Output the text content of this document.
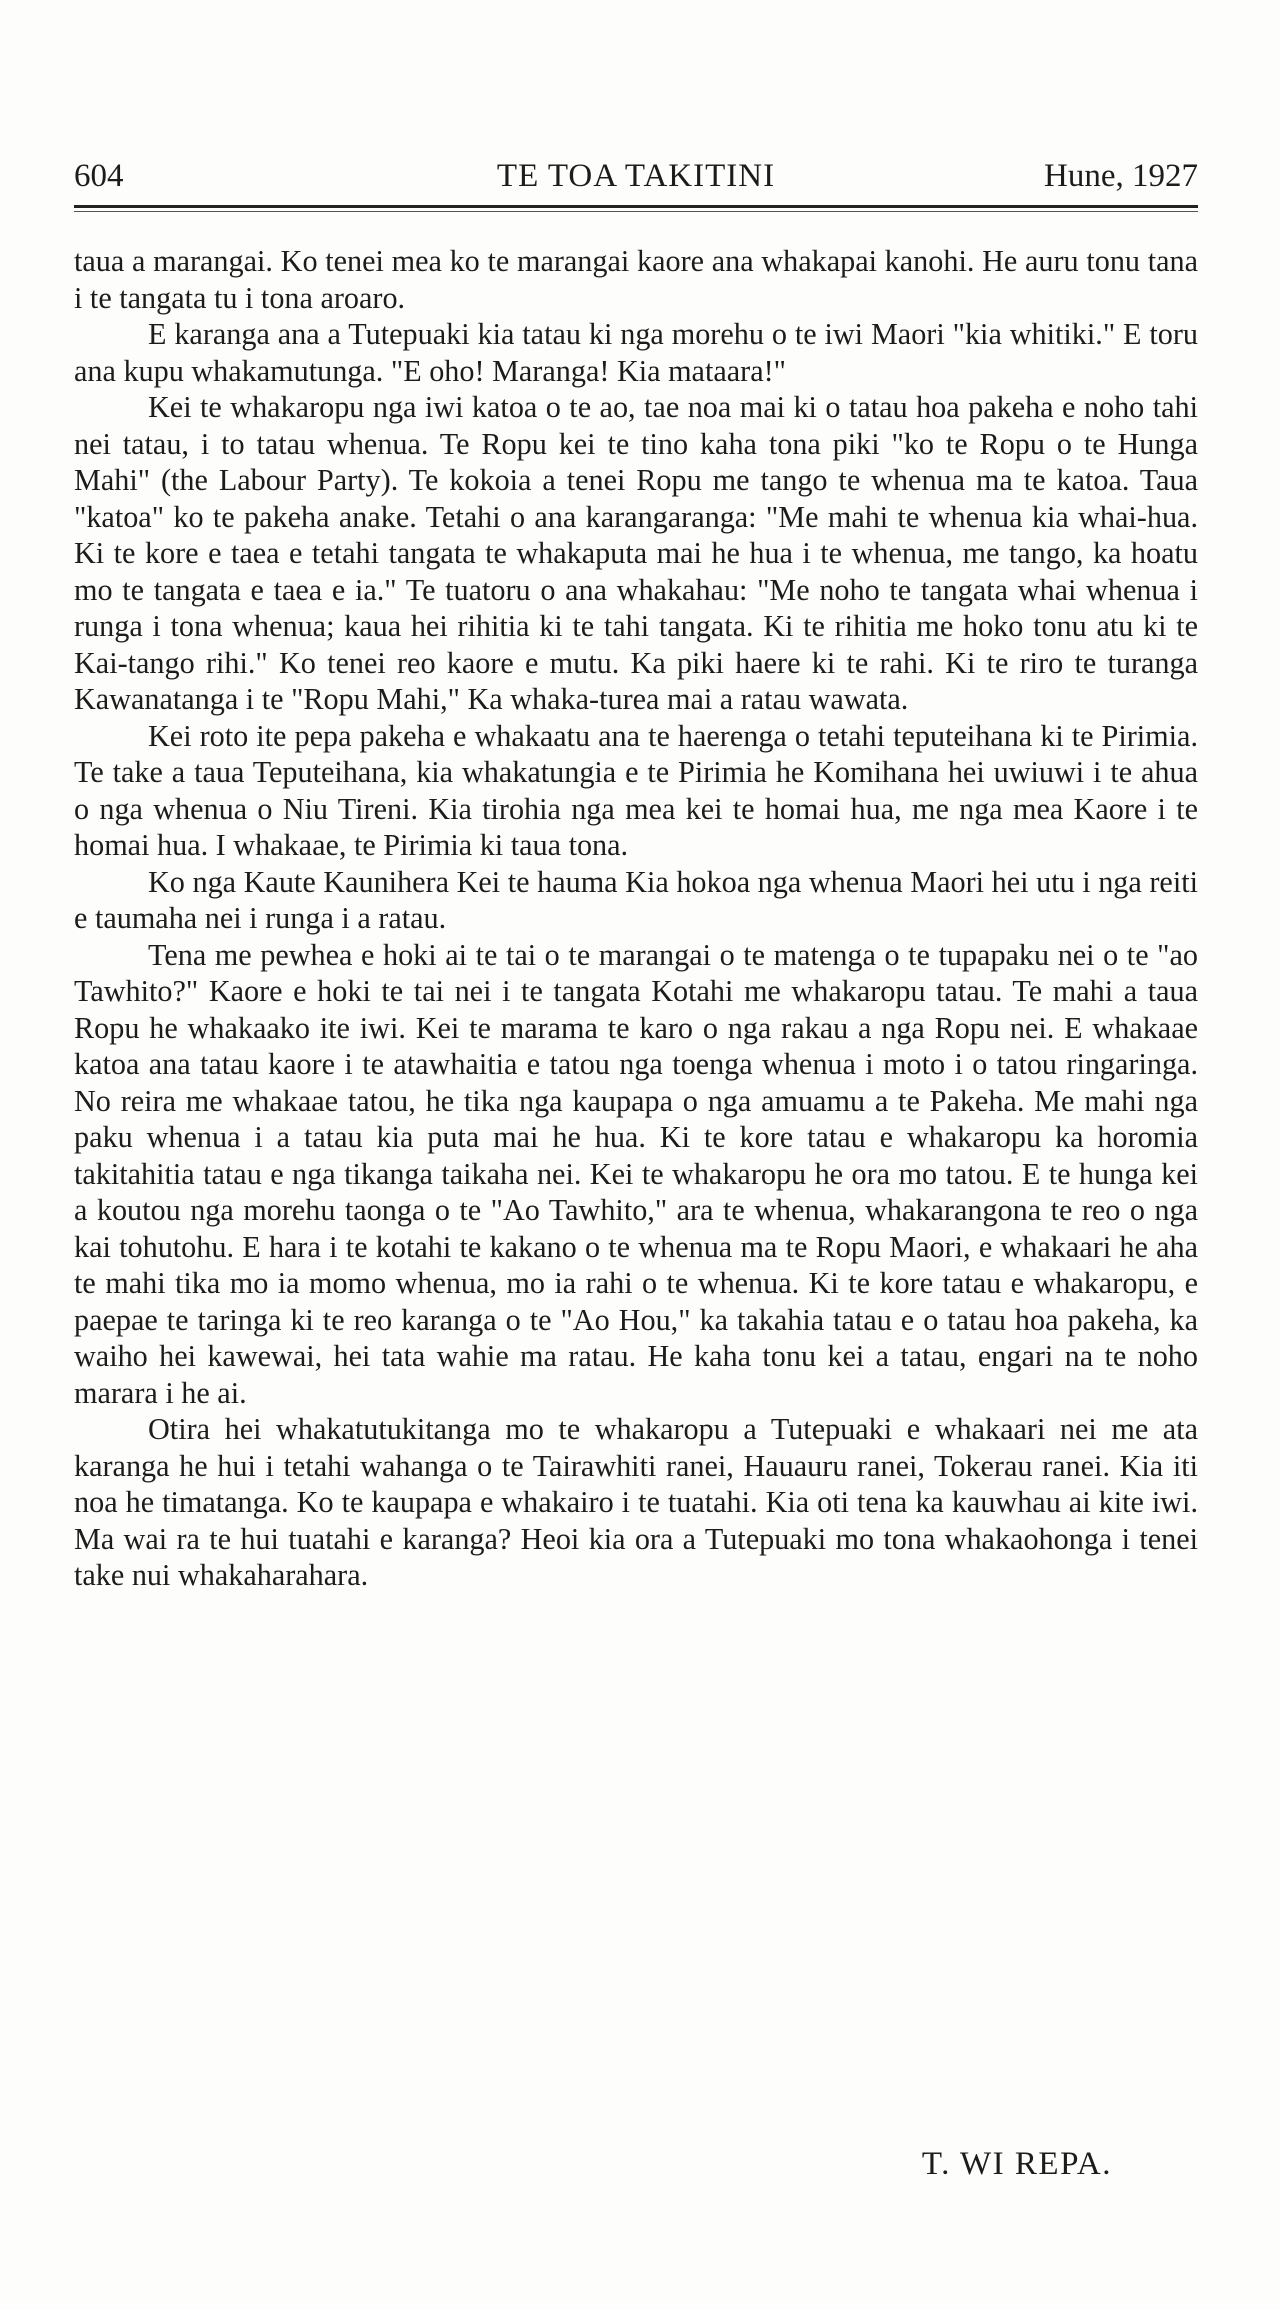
604	TE TOA TAKITINI	Hune, 1927

taua a marangai. Ko tenei mea ko te marangai kaore ana whakapai kanohi. He auru tonu tana i te tangata tu i tona aroaro.

E karanga ana a Tutepuaki kia tatau ki nga morehu o te iwi Maori "kia whitiki." E toru ana kupu whakamutunga. "E oho! Maranga! Kia mataara!"

Kei te whakaropu nga iwi katoa o te ao, tae noa mai ki o tatau hoa pakeha e noho tahi nei tatau, i to tatau whenua. Te Ropu kei te tino kaha tona piki "ko te Ropu o te Hunga Mahi" (the Labour Party). Te kokoia a tenei Ropu me tango te whenua ma te katoa. Taua "katoa" ko te pakeha anake. Tetahi o ana karangaranga: "Me mahi te whenua kia whai-hua. Ki te kore e taea e tetahi tangata te whakaputa mai he hua i te whenua, me tango, ka hoatu mo te tangata e taea e ia." Te tuatoru o ana whakahau: "Me noho te tangata whai whenua i runga i tona whenua; kaua hei rihitia ki te tahi tangata. Ki te rihitia me hoko tonu atu ki te Kai-tango rihi." Ko tenei reo kaore e mutu. Ka piki haere ki te rahi. Ki te riro te turanga Kawanatanga i te "Ropu Mahi," Ka whaka-turea mai a ratau wawata.

Kei roto ite pepa pakeha e whakaatu ana te haerenga o tetahi teputeihana ki te Pirimia. Te take a taua Teputeihana, kia whakatungia e te Pirimia he Komihana hei uwiuwi i te ahua o nga whenua o Niu Tireni. Kia tirohia nga mea kei te homai hua, me nga mea Kaore i te homai hua. I whakaae, te Pirimia ki taua tona.

Ko nga Kaute Kaunihera Kei te hauma Kia hokoa nga whenua Maori hei utu i nga reiti e taumaha nei i runga i a ratau.

Tena me pewhea e hoki ai te tai o te marangai o te matenga o te tupapaku nei o te "ao Tawhito?" Kaore e hoki te tai nei i te tangata Kotahi me whakaropu tatau. Te mahi a taua Ropu he whakaako ite iwi. Kei te marama te karo o nga rakau a nga Ropu nei. E whakaae katoa ana tatau kaore i te atawhaitia e tatou nga toenga whenua i moto i o tatou ringaringa. No reira me whakaae tatou, he tika nga kaupapa o nga amuamu a te Pakeha. Me mahi nga paku whenua i a tatau kia puta mai he hua. Ki te kore tatau e whakaropu ka horomia takitahitia tatau e nga tikanga taikaha nei. Kei te whakaropu he ora mo tatou. E te hunga kei a koutou nga morehu taonga o te "Ao Tawhito," ara te whenua, whakarangona te reo o nga kai tohutohu. E hara i te kotahi te kakano o te whenua ma te Ropu Maori, e whakaari he aha te mahi tika mo ia momo whenua, mo ia rahi o te whenua. Ki te kore tatau e whakaropu, e paepae te taringa ki te reo karanga o te "Ao Hou," ka takahia tatau e o tatau hoa pakeha, ka waiho hei kawewai, hei tata wahie ma ratau. He kaha tonu kei a tatau, engari na te noho marara i he ai.

Otira hei whakatutukitanga mo te whakaropu a Tutepuaki e whakaari nei me ata karanga he hui i tetahi wahanga o te Tairawhiti ranei, Hauauru ranei, Tokerau ranei. Kia iti noa he timatanga. Ko te kaupapa e whakairo i te tuatahi. Kia oti tena ka kauwhau ai kite iwi. Ma wai ra te hui tuatahi e karanga? Heoi kia ora a Tutepuaki mo tona whakaohonga i tenei take nui whakaharahara.

T. WI REPA.
